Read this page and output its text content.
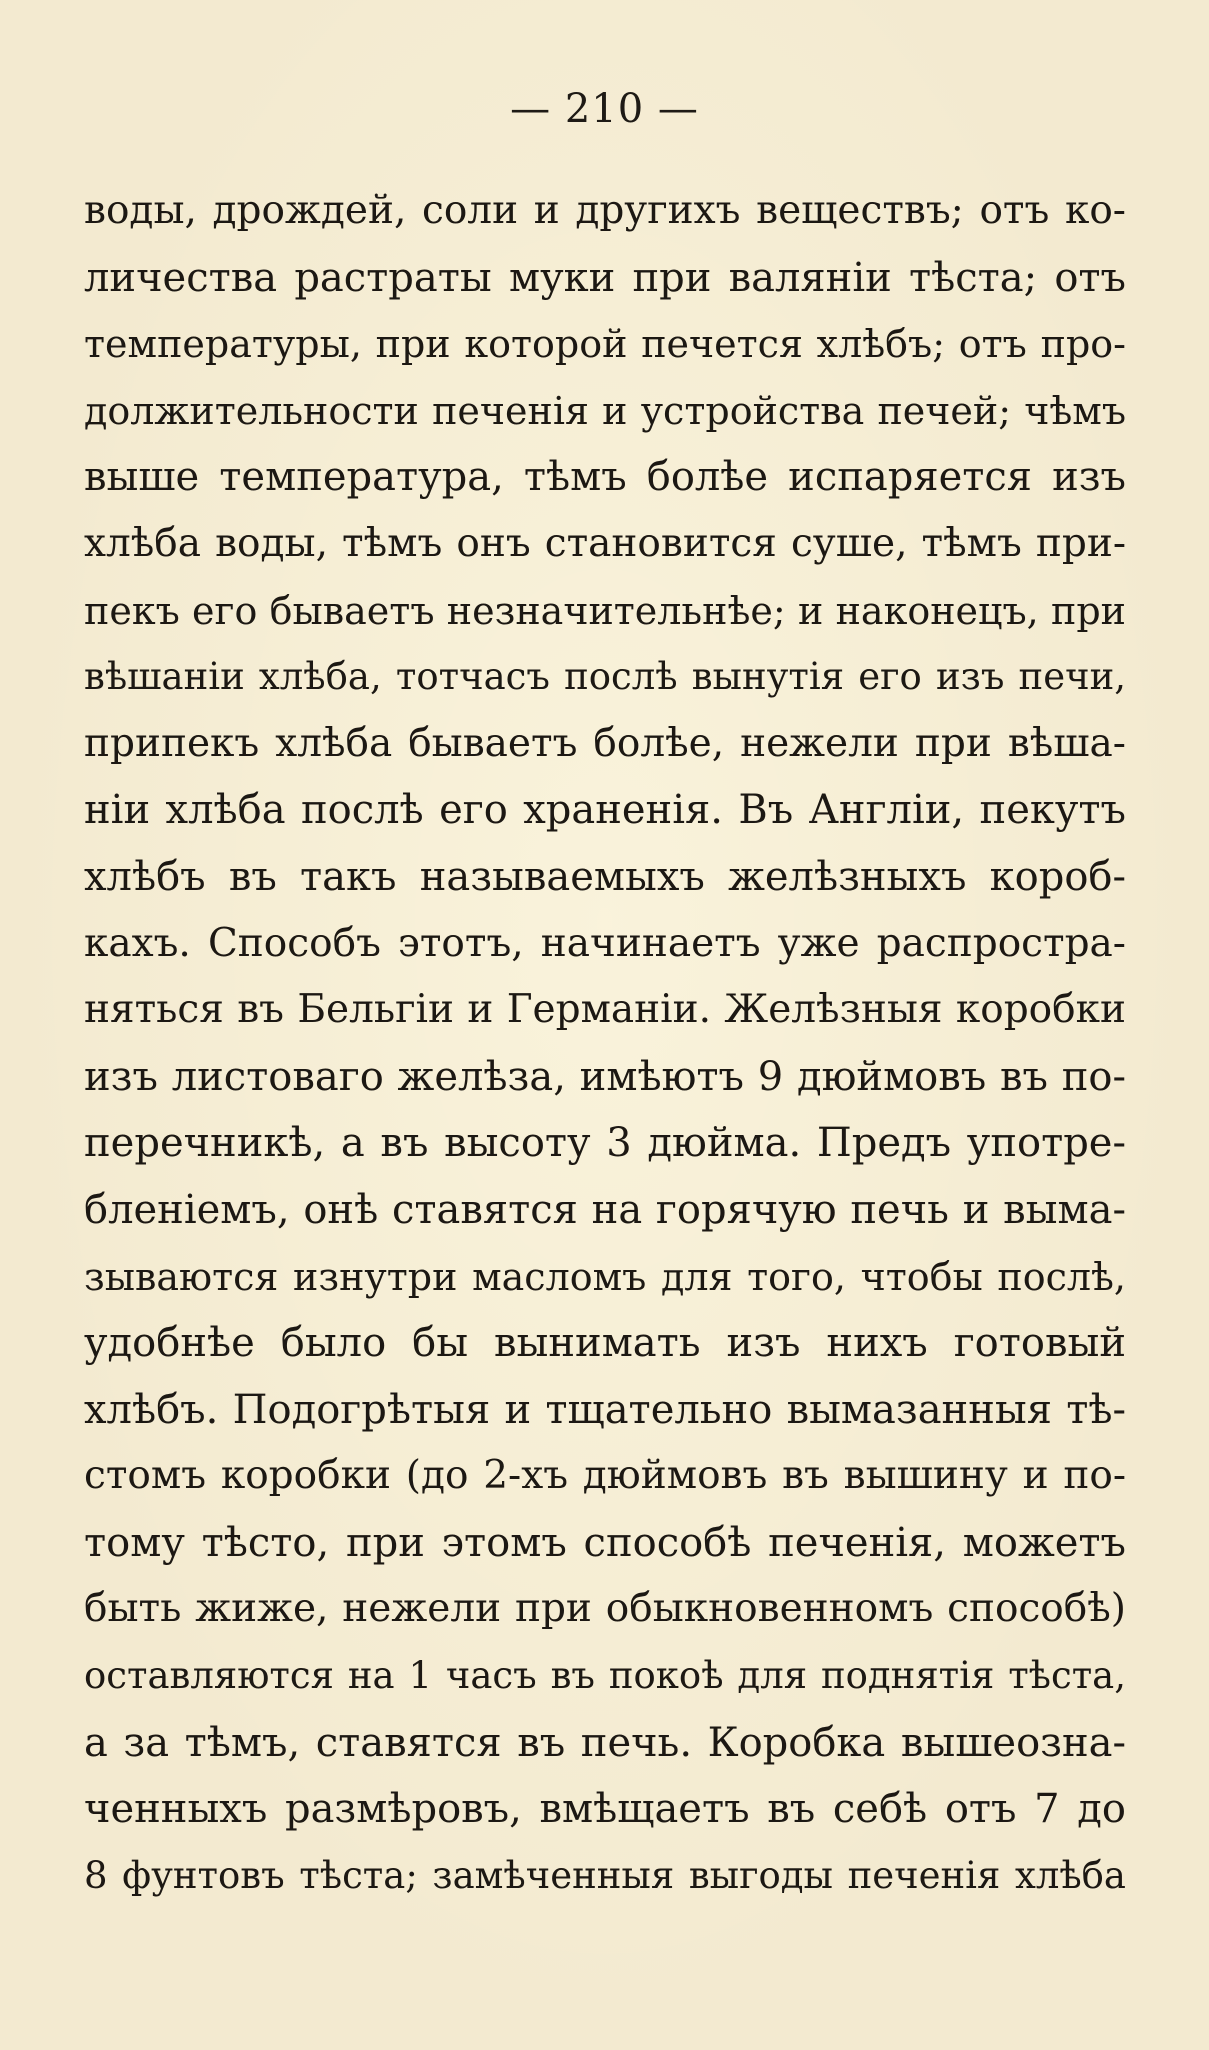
— 210 —
воды, дрождей, соли и другихъ веществъ; отъ ко-
личества растраты муки при валяніи тѣста; отъ
температуры, при которой печется хлѣбъ; отъ про-
должительности печенія и устройства печей; чѣмъ
выше температура, тѣмъ болѣе испаряется изъ
хлѣба воды, тѣмъ онъ становится суше, тѣмъ при-
пекъ его бываетъ незначительнѣе; и наконецъ, при
вѣшаніи хлѣба, тотчасъ послѣ вынутія его изъ печи,
припекъ хлѣба бываетъ болѣе, нежели при вѣша-
ніи хлѣба послѣ его храненія. Въ Англіи, пекутъ
хлѣбъ въ такъ называемыхъ желѣзныхъ короб-
кахъ. Способъ этотъ, начинаетъ уже распростра-
няться въ Бельгіи и Германіи. Желѣзныя коробки
изъ листоваго желѣза, имѣютъ 9 дюймовъ въ по-
перечникѣ, а въ высоту 3 дюйма. Предъ употре-
бленіемъ, онѣ ставятся на горячую печь и выма-
зываются изнутри масломъ для того, чтобы послѣ,
удобнѣе было бы вынимать изъ нихъ готовый
хлѣбъ. Подогрѣтыя и тщательно вымазанныя тѣ-
стомъ коробки (до 2-хъ дюймовъ въ вышину и по-
тому тѣсто, при этомъ способѣ печенія, можетъ
быть жиже, нежели при обыкновенномъ способѣ)
оставляются на 1 часъ въ покоѣ для поднятія тѣста,
а за тѣмъ, ставятся въ печь. Коробка вышеозна-
ченныхъ размѣровъ, вмѣщаетъ въ себѣ отъ 7 до
8 фунтовъ тѣста; замѣченныя выгоды печенія хлѣба
